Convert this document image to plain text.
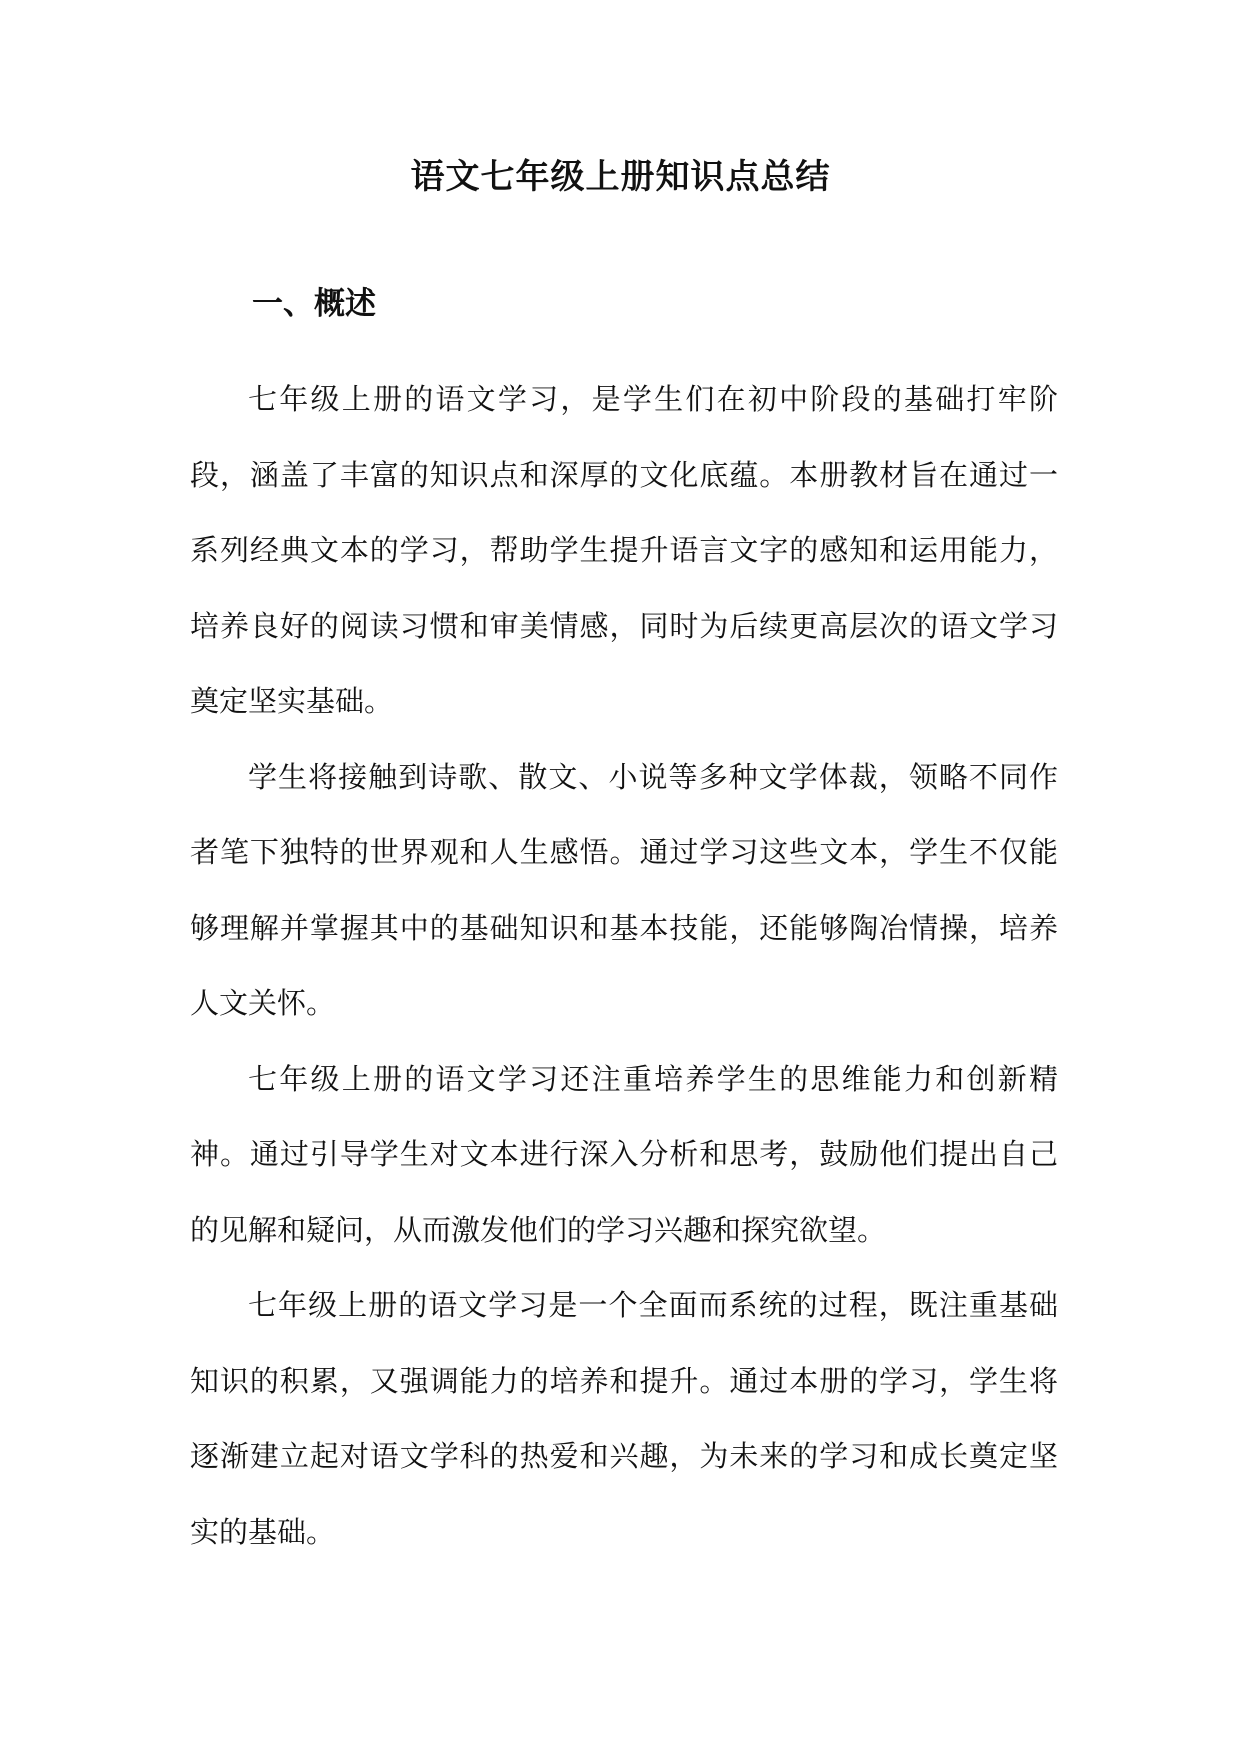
语文七年级上册知识点总结
一、概述

七年级上册的语文学习，是学生们在初中阶段的基础打牢阶段，涵盖了丰富的知识点和深厚的文化底蕴。本册教材旨在通过一系列经典文本的学习，帮助学生提升语言文字的感知和运用能力，培养良好的阅读习惯和审美情感，同时为后续更高层次的语文学习奠定坚实基础。

学生将接触到诗歌、散文、小说等多种文学体裁，领略不同作者笔下独特的世界观和人生感悟。通过学习这些文本，学生不仅能够理解并掌握其中的基础知识和基本技能，还能够陶冶情操，培养人文关怀。

七年级上册的语文学习还注重培养学生的思维能力和创新精神。通过引导学生对文本进行深入分析和思考，鼓励他们提出自己的见解和疑问，从而激发他们的学习兴趣和探究欲望。

七年级上册的语文学习是一个全面而系统的过程，既注重基础知识的积累，又强调能力的培养和提升。通过本册的学习，学生将逐渐建立起对语文学科的热爱和兴趣，为未来的学习和成长奠定坚实的基础。
